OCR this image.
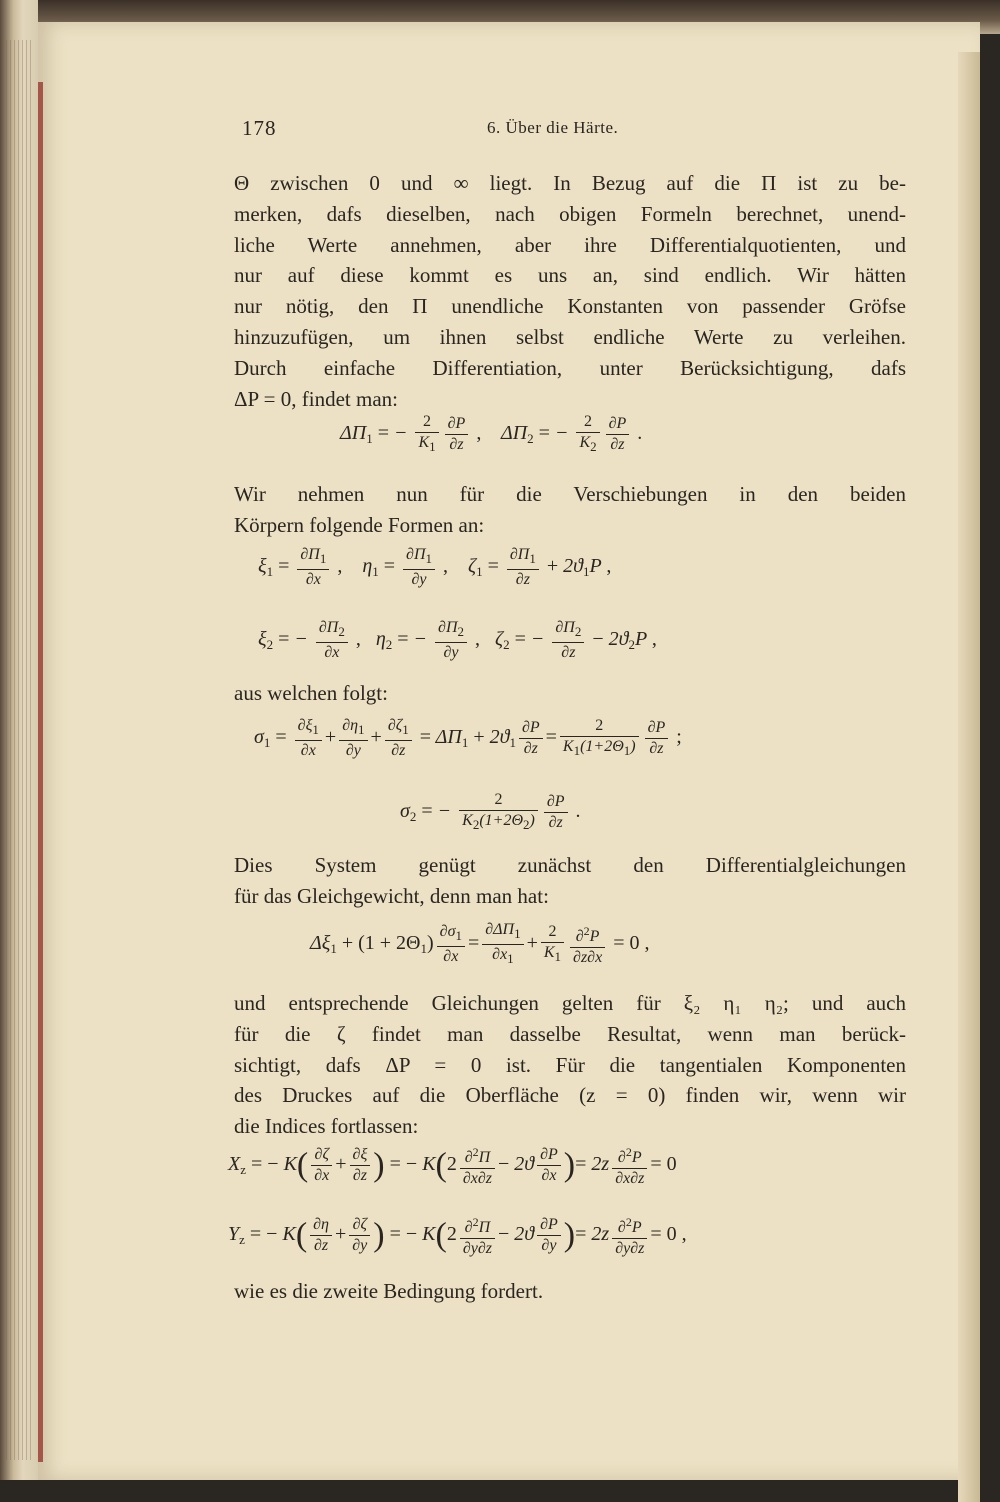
178	6. Über die Härte.
Θ zwischen 0 und ∞ liegt. In Bezug auf die Π ist zu be-
merken, dafs dieselben, nach obigen Formeln berechnet, unend-
liche Werte annehmen, aber ihre Differentialquotienten, und
nur auf diese kommt es uns an, sind endlich. Wir hätten
nur nötig, den Π unendliche Konstanten von passender Gröfse
hinzuzufügen, um ihnen selbst endliche Werte zu verleihen.
Durch einfache Differentiation, unter Berücksichtigung, dafs
ΔP = 0, findet man:
$\Delta\Pi_1$ = − $\frac{2}{K_1} \frac{\partial P}{\partial z}$ ,    $\Delta\Pi_2$ = − $\frac{2}{K_2} \frac{\partial P}{\partial z}$ .
Wir nehmen nun für die Verschiebungen in den beiden
Körpern folgende Formen an:
$\xi_1 = \frac{\partial\Pi_1}{\partial x}$ ,    $\eta_1 = \frac{\partial\Pi_1}{\partial y}$ ,    $\zeta_1 = \frac{\partial\Pi_1}{\partial z} + 2ϑ_1P$ ,
$\xi_2$ = − $\frac{\partial\Pi_2}{\partial x}$ ,   $\eta_2$ = − $\frac{\partial\Pi_2}{\partial y}$ ,   $\zeta_2$ = − $\frac{\partial\Pi_2}{\partial z} - 2ϑ_2P$ ,
aus welchen folgt:
$\sigma_1 = \frac{\partial\xi_1}{\partial x} + \frac{\partial\eta_1}{\partial y} + \frac{\partial\zeta_1}{\partial z} = \Delta\Pi_1 + 2ϑ_1 \frac{\partial P}{\partial z} = \frac{2}{K_1(1+2\Theta_1)} \frac{\partial P}{\partial z}$ ;
$\sigma_2$ = − $\frac{2}{K_2(1+2\Theta_2)} \frac{\partial P}{\partial z}$ .
Dies System genügt zunächst den Differentialgleichungen
für das Gleichgewicht, denn man hat:
$\Delta\xi_1 + (1 + 2\Theta_1) \frac{\partial\sigma_1}{\partial x} = \frac{\partial\Delta\Pi_1}{\partial x_1} + \frac{2}{K_1} \frac{\partial^2P}{\partial z\partial x} = 0$ ,
und entsprechende Gleichungen gelten für ξ₂ η₁ η₂; und auch
für die ζ findet man dasselbe Resultat, wenn man berück-
sichtigt, dafs ΔP = 0 ist. Für die tangentialen Komponenten
des Druckes auf die Oberfläche (z = 0) finden wir, wenn wir
die Indices fortlassen:
$X_z$ = − $K( \frac{\partial\zeta}{\partial x} + \frac{\partial\xi}{\partial z}$ ) = − $K(2 \frac{\partial^2\Pi}{\partial x\partial z} - 2ϑ \frac{\partial P}{\partial x}$ )= $2z \frac{\partial^2P}{\partial x\partial z} = 0$
$Y_z$ = − $K( \frac{\partial\eta}{\partial z} + \frac{\partial\zeta}{\partial y}$ ) = − $K(2 \frac{\partial^2\Pi}{\partial y\partial z} - 2ϑ \frac{\partial P}{\partial y}$ )= $2z \frac{\partial^2P}{\partial y\partial z} = 0$ ,
wie es die zweite Bedingung fordert.
